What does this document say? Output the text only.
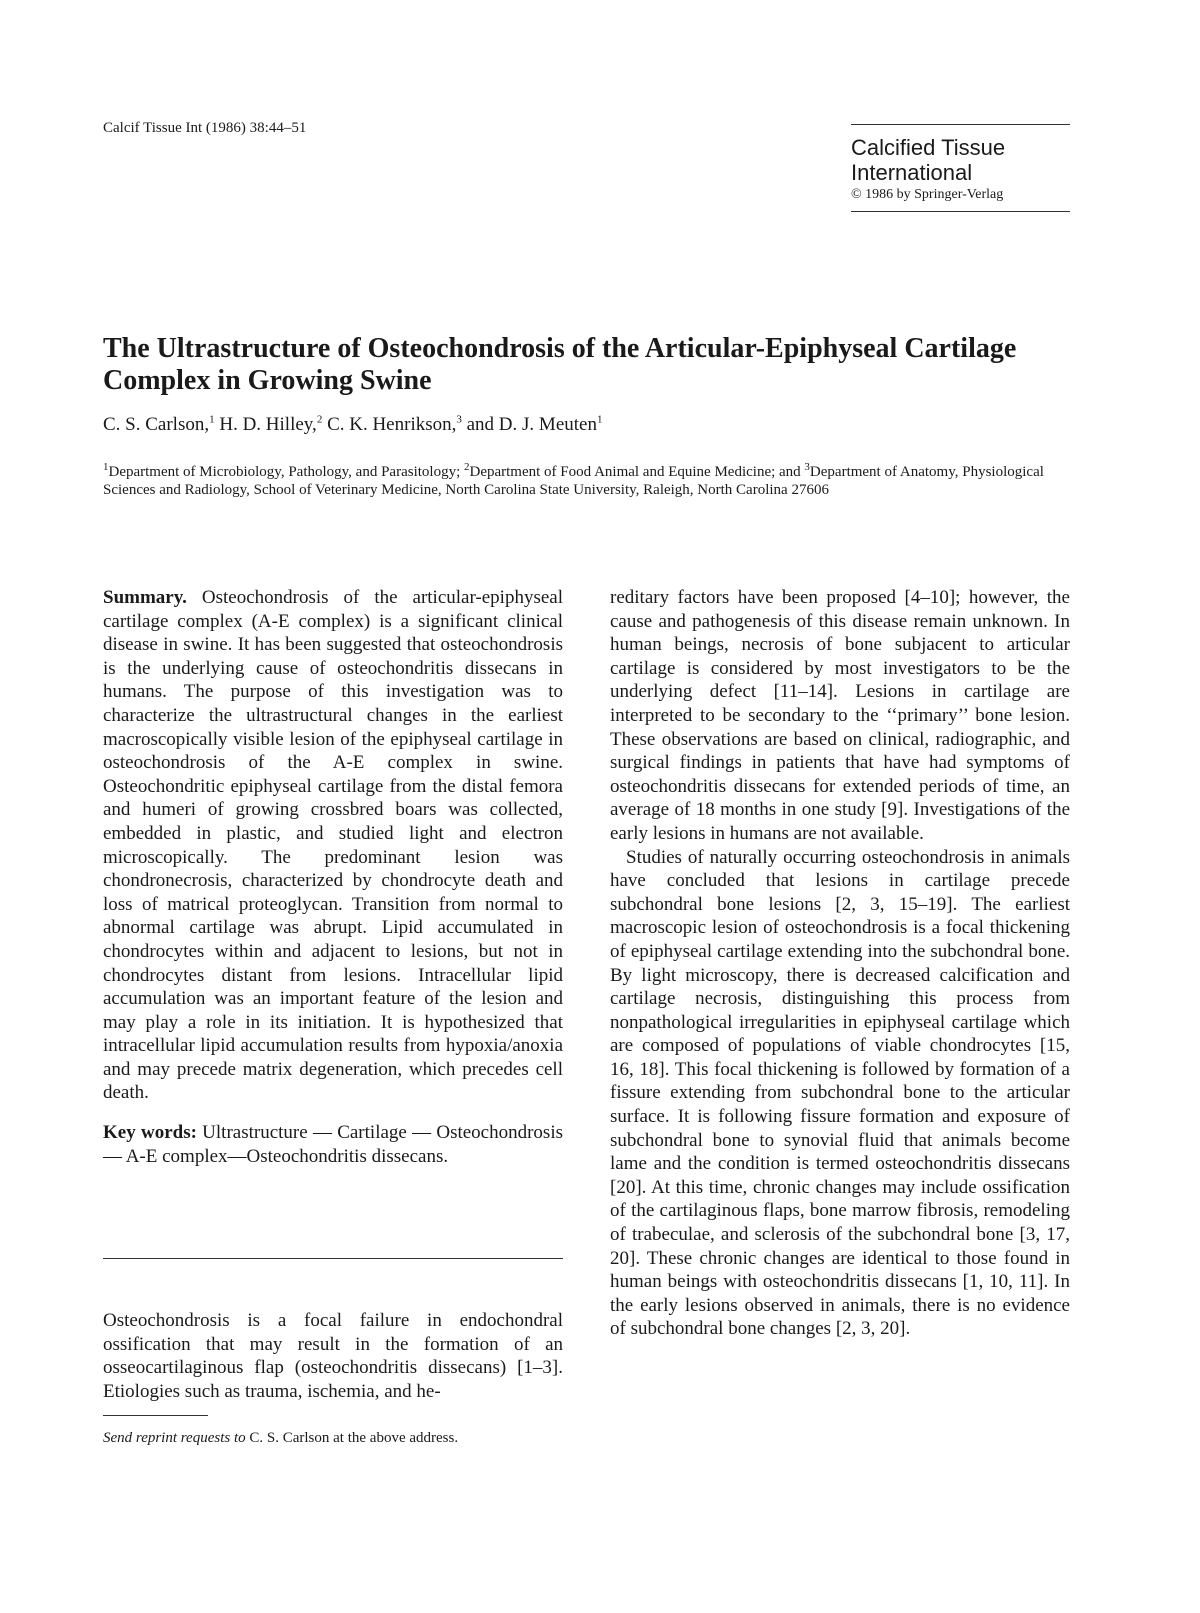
Calcif Tissue Int (1986) 38:44–51
Calcified Tissue International
© 1986 by Springer-Verlag
The Ultrastructure of Osteochondrosis of the Articular-Epiphyseal Cartilage Complex in Growing Swine
C. S. Carlson,$^1$ H. D. Hilley,$^2$ C. K. Henrikson,$^3$ and D. J. Meuten$^1$
$^1$Department of Microbiology, Pathology, and Parasitology; $^2$Department of Food Animal and Equine Medicine; and $^3$Department of Anatomy, Physiological Sciences and Radiology, School of Veterinary Medicine, North Carolina State University, Raleigh, North Carolina 27606

Summary. Osteochondrosis of the articular-epiphyseal cartilage complex (A-E complex) is a significant clinical disease in swine. It has been suggested that osteochondrosis is the underlying cause of osteochondritis dissecans in humans. The purpose of this investigation was to characterize the ultrastructural changes in the earliest macroscopically visible lesion of the epiphyseal cartilage in osteochondrosis of the A-E complex in swine. Osteochondritic epiphyseal cartilage from the distal femora and humeri of growing crossbred boars was collected, embedded in plastic, and studied light and electron microscopically. The predominant lesion was chondronecrosis, characterized by chondrocyte death and loss of matrical proteoglycan. Transition from normal to abnormal cartilage was abrupt. Lipid accumulated in chondrocytes within and adjacent to lesions, but not in chondrocytes distant from lesions. Intracellular lipid accumulation was an important feature of the lesion and may play a role in its initiation. It is hypothesized that intracellular lipid accumulation results from hypoxia/anoxia and may precede matrix degeneration, which precedes cell death.

Key words: Ultrastructure — Cartilage — Osteochondrosis — A-E complex—Osteochondritis dissecans.

Osteochondrosis is a focal failure in endochondral ossification that may result in the formation of an osseocartilaginous flap (osteochondritis dissecans) [1–3]. Etiologies such as trauma, ischemia, and he-
Send reprint requests to C. S. Carlson at the above address.

reditary factors have been proposed [4–10]; however, the cause and pathogenesis of this disease remain unknown. In human beings, necrosis of bone subjacent to articular cartilage is considered by most investigators to be the underlying defect [11–14]. Lesions in cartilage are interpreted to be secondary to the ‘‘primary’’ bone lesion. These observations are based on clinical, radiographic, and surgical findings in patients that have had symptoms of osteochondritis dissecans for extended periods of time, an average of 18 months in one study [9]. Investigations of the early lesions in humans are not available.

Studies of naturally occurring osteochondrosis in animals have concluded that lesions in cartilage precede subchondral bone lesions [2, 3, 15–19]. The earliest macroscopic lesion of osteochondrosis is a focal thickening of epiphyseal cartilage extending into the subchondral bone. By light microscopy, there is decreased calcification and cartilage necrosis, distinguishing this process from nonpathological irregularities in epiphyseal cartilage which are composed of populations of viable chondrocytes [15, 16, 18]. This focal thickening is followed by formation of a fissure extending from subchondral bone to the articular surface. It is following fissure formation and exposure of subchondral bone to synovial fluid that animals become lame and the condition is termed osteochondritis dissecans [20]. At this time, chronic changes may include ossification of the cartilaginous flaps, bone marrow fibrosis, remodeling of trabeculae, and sclerosis of the subchondral bone [3, 17, 20]. These chronic changes are identical to those found in human beings with osteochondritis dissecans [1, 10, 11]. In the early lesions observed in animals, there is no evidence of subchondral bone changes [2, 3, 20].
